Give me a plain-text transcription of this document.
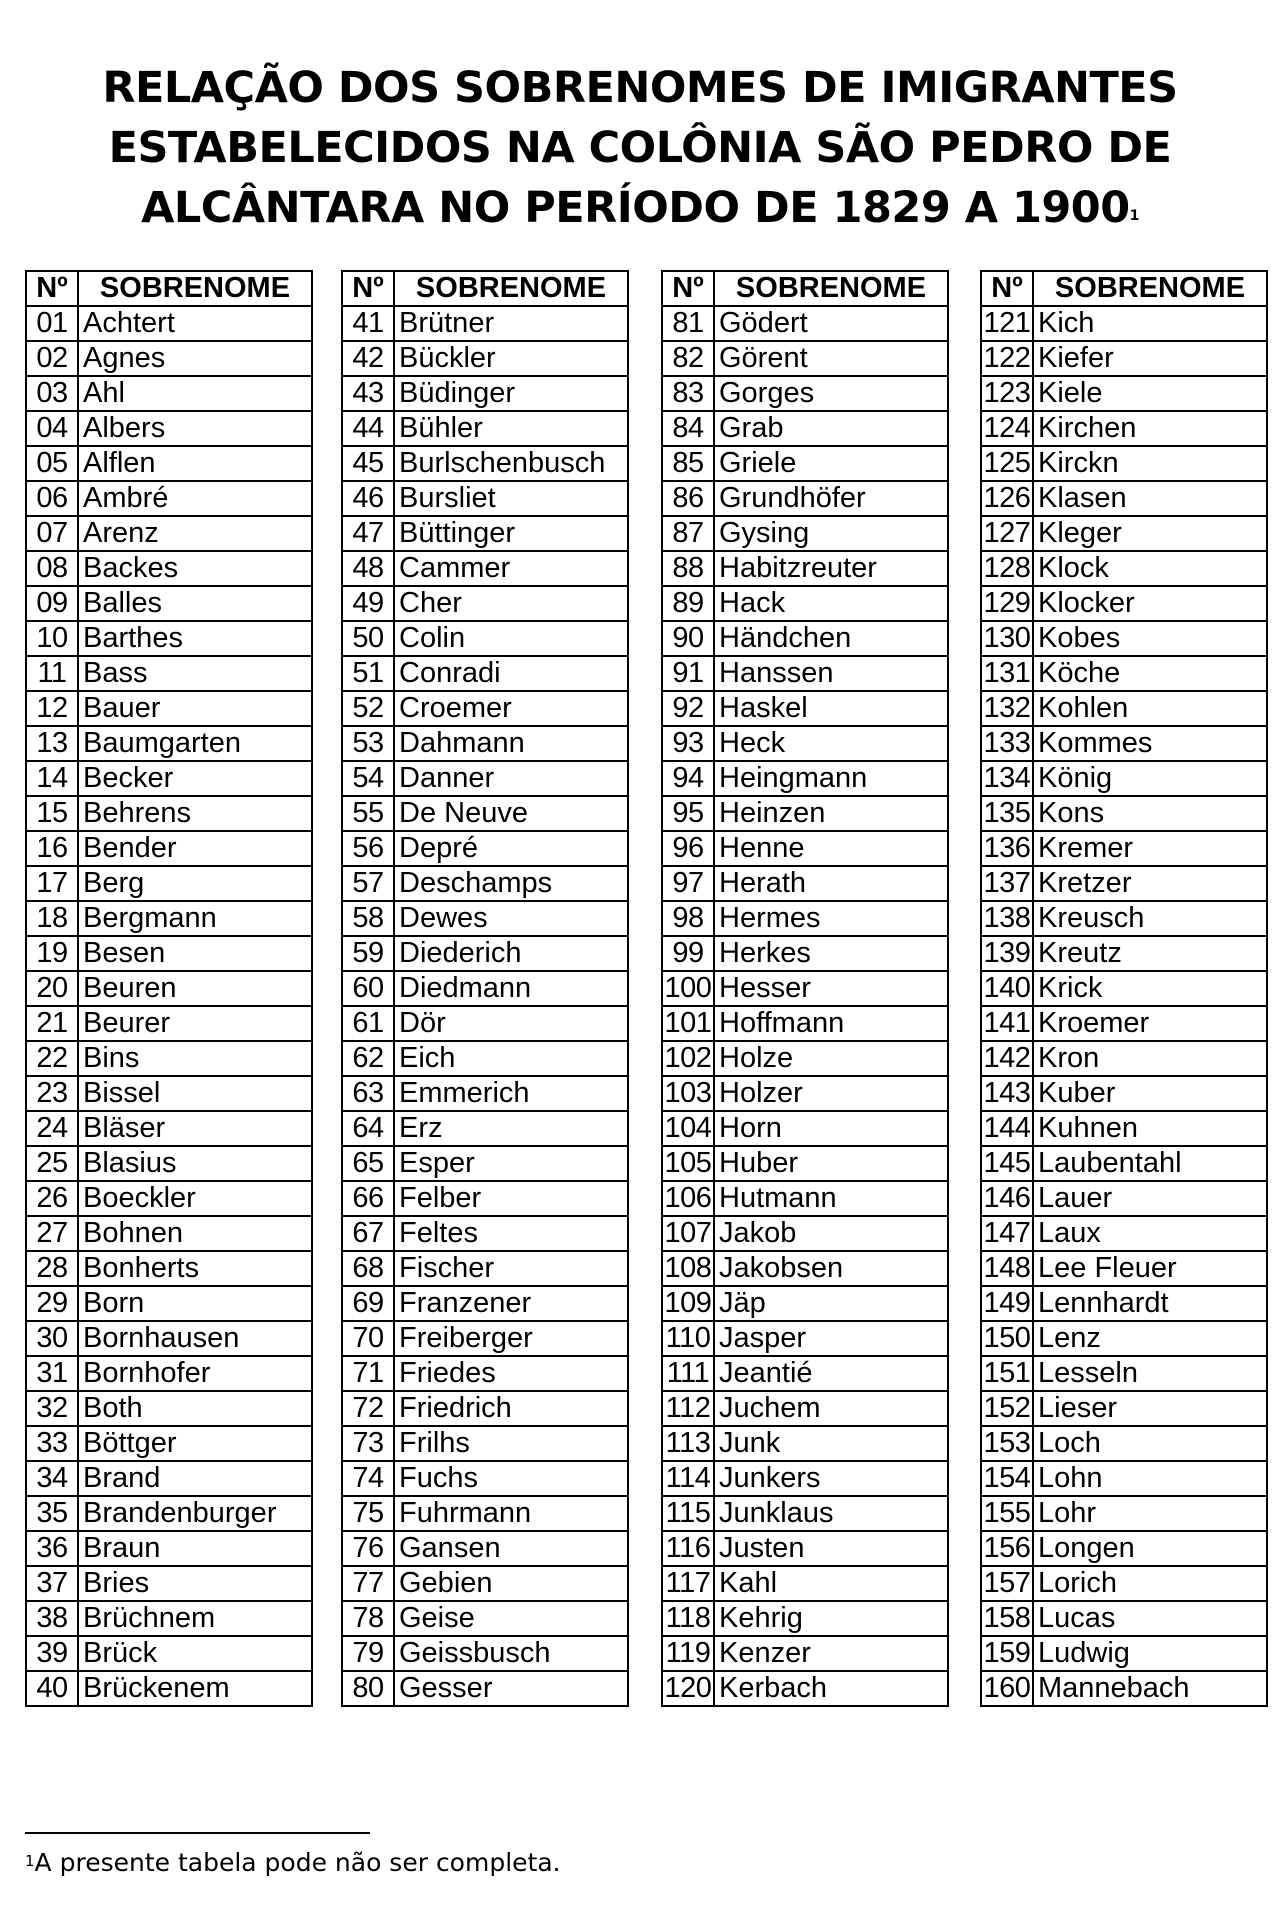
RELAÇÃO DOS SOBRENOMES DE IMIGRANTES
ESTABELECIDOS NA COLÔNIA SÃO PEDRO DE
ALCÂNTARA NO PERÍODO DE 1829 A 1900$^1$
Nº	SOBRENOME
01	Achtert
02	Agnes
03	Ahl
04	Albers
05	Alflen
06	Ambré
07	Arenz
08	Backes
09	Balles
10	Barthes
11	Bass
12	Bauer
13	Baumgarten
14	Becker
15	Behrens
16	Bender
17	Berg
18	Bergmann
19	Besen
20	Beuren
21	Beurer
22	Bins
23	Bissel
24	Bläser
25	Blasius
26	Boeckler
27	Bohnen
28	Bonherts
29	Born
30	Bornhausen
31	Bornhofer
32	Both
33	Böttger
34	Brand
35	Brandenburger
36	Braun
37	Bries
38	Brüchnem
39	Brück
40	Brückenem
Nº	SOBRENOME
41	Brütner
42	Bückler
43	Büdinger
44	Bühler
45	Burlschenbusch
46	Bursliet
47	Büttinger
48	Cammer
49	Cher
50	Colin
51	Conradi
52	Croemer
53	Dahmann
54	Danner
55	De Neuve
56	Depré
57	Deschamps
58	Dewes
59	Diederich
60	Diedmann
61	Dör
62	Eich
63	Emmerich
64	Erz
65	Esper
66	Felber
67	Feltes
68	Fischer
69	Franzener
70	Freiberger
71	Friedes
72	Friedrich
73	Frilhs
74	Fuchs
75	Fuhrmann
76	Gansen
77	Gebien
78	Geise
79	Geissbusch
80	Gesser
Nº	SOBRENOME
81	Gödert
82	Görent
83	Gorges
84	Grab
85	Griele
86	Grundhöfer
87	Gysing
88	Habitzreuter
89	Hack
90	Händchen
91	Hanssen
92	Haskel
93	Heck
94	Heingmann
95	Heinzen
96	Henne
97	Herath
98	Hermes
99	Herkes
100	Hesser
101	Hoffmann
102	Holze
103	Holzer
104	Horn
105	Huber
106	Hutmann
107	Jakob
108	Jakobsen
109	Jäp
110	Jasper
111	Jeantié
112	Juchem
113	Junk
114	Junkers
115	Junklaus
116	Justen
117	Kahl
118	Kehrig
119	Kenzer
120	Kerbach
Nº	SOBRENOME
121	Kich
122	Kiefer
123	Kiele
124	Kirchen
125	Kirckn
126	Klasen
127	Kleger
128	Klock
129	Klocker
130	Kobes
131	Köche
132	Kohlen
133	Kommes
134	König
135	Kons
136	Kremer
137	Kretzer
138	Kreusch
139	Kreutz
140	Krick
141	Kroemer
142	Kron
143	Kuber
144	Kuhnen
145	Laubentahl
146	Lauer
147	Laux
148	Lee Fleuer
149	Lennhardt
150	Lenz
151	Lesseln
152	Lieser
153	Loch
154	Lohn
155	Lohr
156	Longen
157	Lorich
158	Lucas
159	Ludwig
160	Mannebach
$^1$A presente tabela pode não ser completa.
